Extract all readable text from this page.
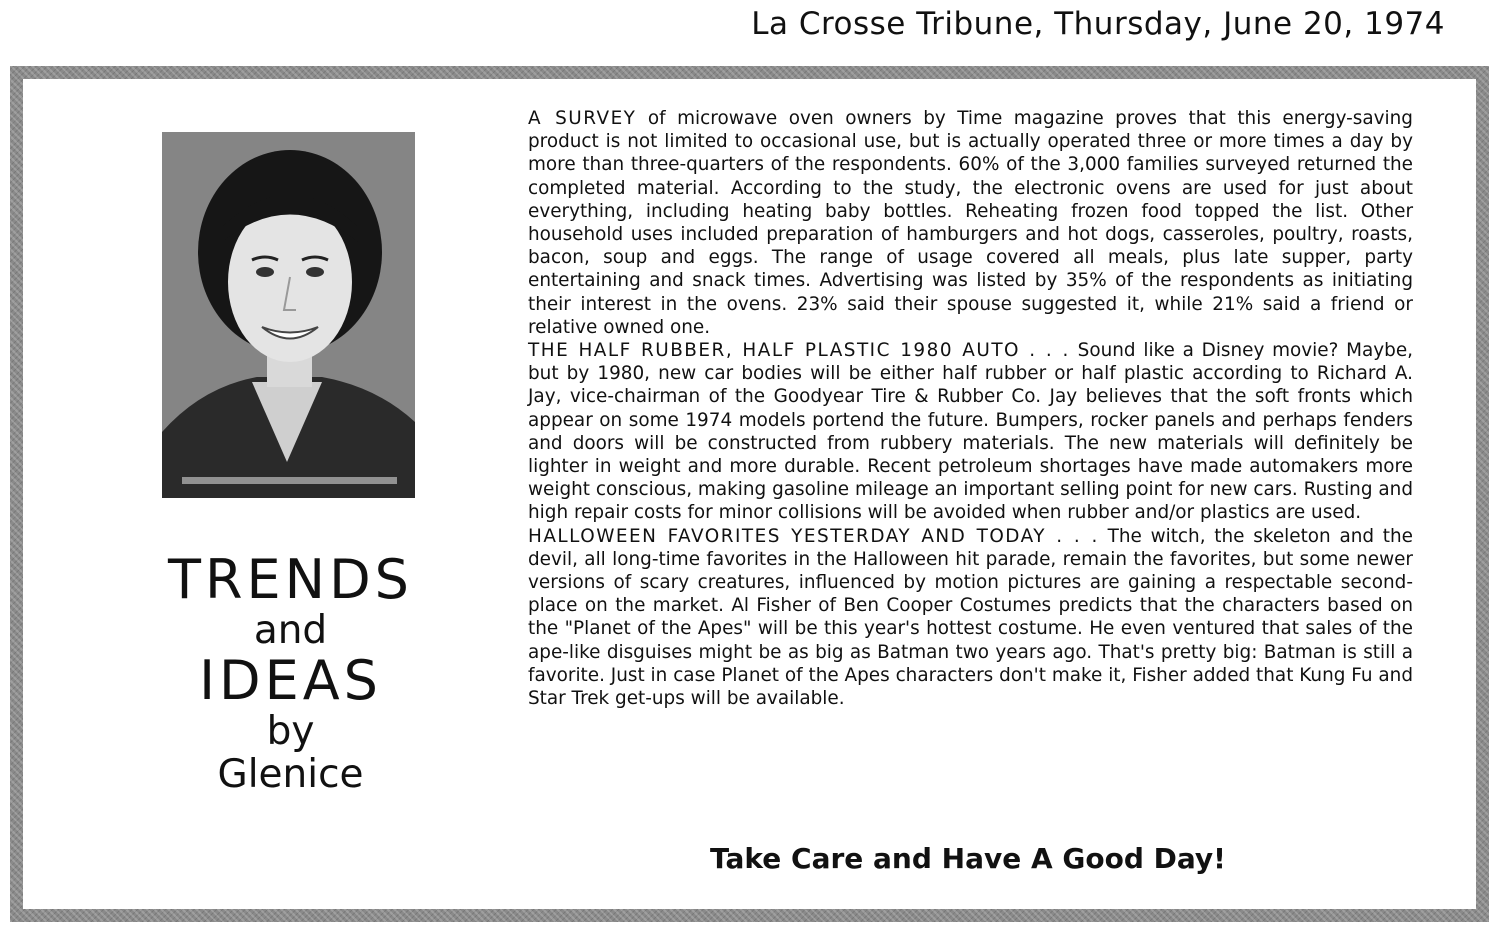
La Crosse Tribune, Thursday, June 20, 1974
TRENDS
and
IDEAS
by
Glenice

A SURVEY of microwave oven owners by Time magazine proves that this energy-saving product is not limited to occasional use, but is actually operated three or more times a day by more than three-quarters of the respondents. 60% of the 3,000 families surveyed returned the completed material. According to the study, the electronic ovens are used for just about everything, including heating baby bottles. Reheating frozen food topped the list. Other household uses included preparation of hamburgers and hot dogs, casseroles, poultry, roasts, bacon, soup and eggs. The range of usage covered all meals, plus late supper, party entertaining and snack times. Advertising was listed by 35% of the respondents as initiating their interest in the ovens. 23% said their spouse suggested it, while 21% said a friend or relative owned one.

THE HALF RUBBER, HALF PLASTIC 1980 AUTO . . . Sound like a Disney movie? Maybe, but by 1980, new car bodies will be either half rubber or half plastic according to Richard A. Jay, vice-chairman of the Goodyear Tire & Rubber Co. Jay believes that the soft fronts which appear on some 1974 models portend the future. Bumpers, rocker panels and perhaps fenders and doors will be constructed from rubbery materials. The new materials will definitely be lighter in weight and more durable. Recent petroleum shortages have made automakers more weight conscious, making gasoline mileage an important selling point for new cars. Rusting and high repair costs for minor collisions will be avoided when rubber and/or plastics are used.

HALLOWEEN FAVORITES YESTERDAY AND TODAY . . . The witch, the skeleton and the devil, all long-time favorites in the Halloween hit parade, remain the favorites, but some newer versions of scary creatures, influenced by motion pictures are gaining a respectable second-place on the market. Al Fisher of Ben Cooper Costumes predicts that the characters based on the "Planet of the Apes" will be this year's hottest costume. He even ventured that sales of the ape-like disguises might be as big as Batman two years ago. That's pretty big: Batman is still a favorite. Just in case Planet of the Apes characters don't make it, Fisher added that Kung Fu and Star Trek get-ups will be available.

Take Care and Have A Good Day!
